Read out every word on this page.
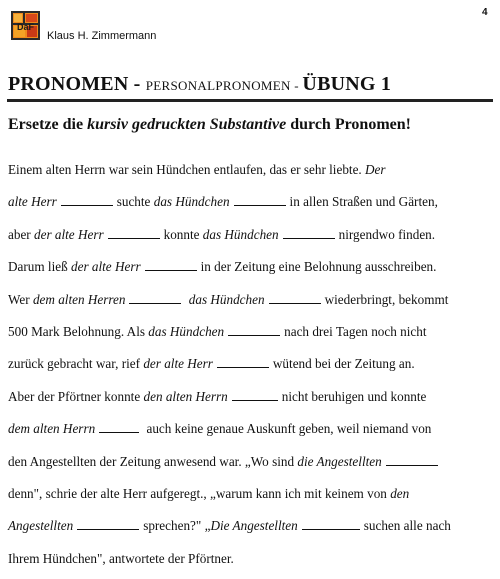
DaF
Klaus H. Zimmermann
4
PRONOMEN - PERSONALPRONOMEN - ÜBUNG 1
Ersetze die kursiv gedruckten Substantive durch Pronomen!
Einem alten Herrn war sein Hündchen entlaufen, das er sehr liebte. Der
alte Herr	suchte das Hündchen	in allen Straßen und Gärten,
aber der alte Herr	konnte das Hündchen	nirgendwo finden.
Darum ließ der alte Herr	in der Zeitung eine Belohnung ausschreiben.
Wer dem alten Herren	das Hündchen	wiederbringt, bekommt
500 Mark Belohnung. Als das Hündchen	nach drei Tagen noch nicht
zurück gebracht war, rief der alte Herr	wütend bei der Zeitung an.
Aber der Pförtner konnte den alten Herrn	nicht beruhigen und konnte
dem alten Herrn	auch keine genaue Auskunft geben, weil niemand von
den Angestellten der Zeitung anwesend war. „Wo sind die Angestellten
denn", schrie der alte Herr aufgeregt., „warum kann ich mit keinem von den
Angestellten	sprechen?" „Die Angestellten	suchen alle nach
Ihrem Hündchen", antwortete der Pförtner.
